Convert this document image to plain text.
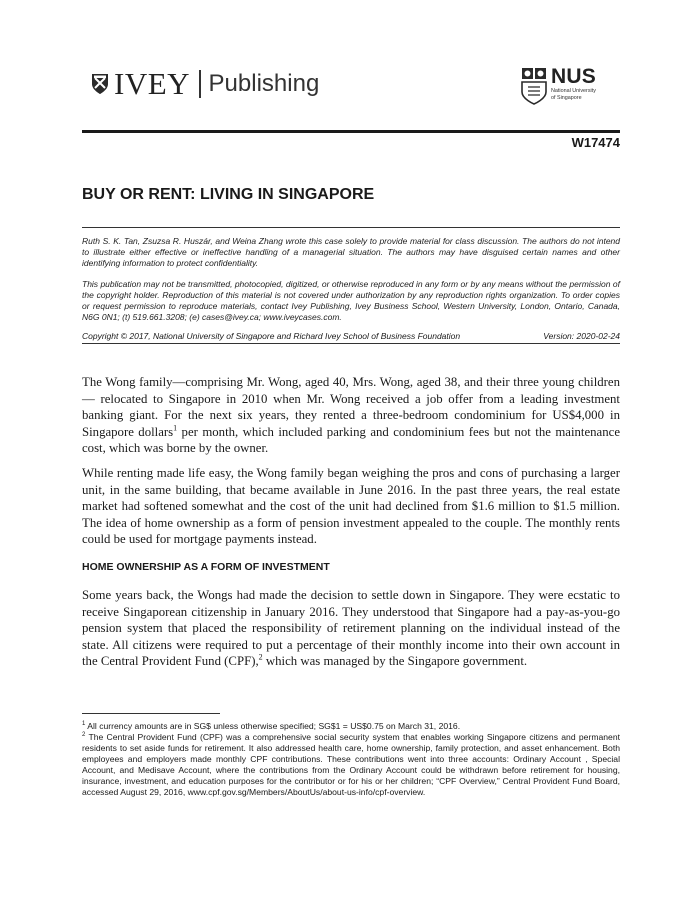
IVEY Publishing	NUS
National University
of Singapore
W17474
BUY OR RENT: LIVING IN SINGAPORE
Ruth S. K. Tan, Zsuzsa R. Huszár, and Weina Zhang wrote this case solely to provide material for class discussion. The authors do not intend to illustrate either effective or ineffective handling of a managerial situation. The authors may have disguised certain names and other identifying information to protect confidentiality.
This publication may not be transmitted, photocopied, digitized, or otherwise reproduced in any form or by any means without the permission of the copyright holder. Reproduction of this material is not covered under authorization by any reproduction rights organization. To order copies or request permission to reproduce materials, contact Ivey Publishing, Ivey Business School, Western University, London, Ontario, Canada, N6G 0N1; (t) 519.661.3208; (e) cases@ivey.ca; www.iveycases.com.
Copyright © 2017, National University of Singapore and Richard Ivey School of Business Foundation	Version: 2020-02-24
The Wong family—comprising Mr. Wong, aged 40, Mrs. Wong, aged 38, and their three young children— relocated to Singapore in 2010 when Mr. Wong received a job offer from a leading investment banking giant. For the next six years, they rented a three-bedroom condominium for US$4,000 in Singapore dollars$^1$ per month, which included parking and condominium fees but not the maintenance cost, which was borne by the owner.
While renting made life easy, the Wong family began weighing the pros and cons of purchasing a larger unit, in the same building, that became available in June 2016. In the past three years, the real estate market had softened somewhat and the cost of the unit had declined from $1.6 million to $1.5 million. The idea of home ownership as a form of pension investment appealed to the couple. The monthly rents could be used for mortgage payments instead.
HOME OWNERSHIP AS A FORM OF INVESTMENT
Some years back, the Wongs had made the decision to settle down in Singapore. They were ecstatic to receive Singaporean citizenship in January 2016. They understood that Singapore had a pay-as-you-go pension system that placed the responsibility of retirement planning on the individual instead of the state. All citizens were required to put a percentage of their monthly income into their own account in the Central Provident Fund (CPF),$^2$ which was managed by the Singapore government.
$^1$ All currency amounts are in SG$ unless otherwise specified; SG$1 = US$0.75 on March 31, 2016.
$^2$ The Central Provident Fund (CPF) was a comprehensive social security system that enables working Singapore citizens and permanent residents to set aside funds for retirement. It also addressed health care, home ownership, family protection, and asset enhancement. Both employees and employers made monthly CPF contributions. These contributions went into three accounts: Ordinary Account , Special Account, and Medisave Account, where the contributions from the Ordinary Account could be withdrawn before retirement for housing, insurance, investment, and education purposes for the contributor or for his or her children; “CPF Overview,” Central Provident Fund Board, accessed August 29, 2016, www.cpf.gov.sg/Members/AboutUs/about-us-info/cpf-overview.
